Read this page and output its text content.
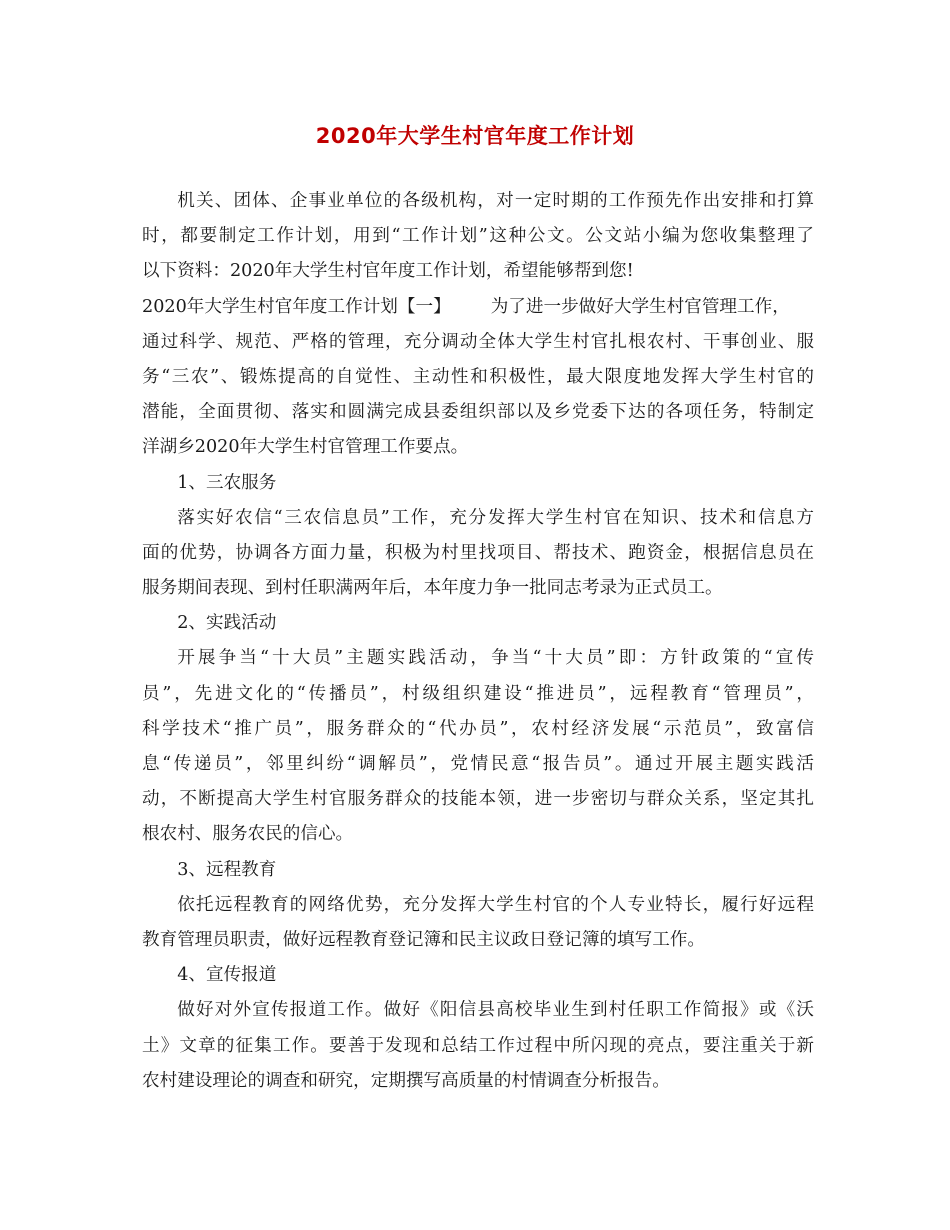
2020年大学生村官年度工作计划
机关、团体、企事业单位的各级机构，对一定时期的工作预先作出安排和打算
时，都要制定工作计划，用到“工作计划”这种公文。公文站小编为您收集整理了
以下资料：2020年大学生村官年度工作计划，希望能够帮到您!
2020年大学生村官年度工作计划【一】 为了进一步做好大学生村官管理工作，
通过科学、规范、严格的管理，充分调动全体大学生村官扎根农村、干事创业、服
务“三农”、锻炼提高的自觉性、主动性和积极性，最大限度地发挥大学生村官的
潜能，全面贯彻、落实和圆满完成县委组织部以及乡党委下达的各项任务，特制定
洋湖乡2020年大学生村官管理工作要点。
1、三农服务
落实好农信“三农信息员”工作，充分发挥大学生村官在知识、技术和信息方
面的优势，协调各方面力量，积极为村里找项目、帮技术、跑资金，根据信息员在
服务期间表现、到村任职满两年后，本年度力争一批同志考录为正式员工。
2、实践活动
开展争当“十大员”主题实践活动，争当“十大员”即：方针政策的“宣传
员”，先进文化的“传播员”，村级组织建设“推进员”，远程教育“管理员”，
科学技术“推广员”，服务群众的“代办员”，农村经济发展“示范员”，致富信
息“传递员”，邻里纠纷“调解员”，党情民意“报告员”。通过开展主题实践活
动，不断提高大学生村官服务群众的技能本领，进一步密切与群众关系，坚定其扎
根农村、服务农民的信心。
3、远程教育
依托远程教育的网络优势，充分发挥大学生村官的个人专业特长，履行好远程
教育管理员职责，做好远程教育登记簿和民主议政日登记簿的填写工作。
4、宣传报道
做好对外宣传报道工作。做好《阳信县高校毕业生到村任职工作简报》或《沃
土》文章的征集工作。要善于发现和总结工作过程中所闪现的亮点，要注重关于新
农村建设理论的调查和研究，定期撰写高质量的村情调查分析报告。
